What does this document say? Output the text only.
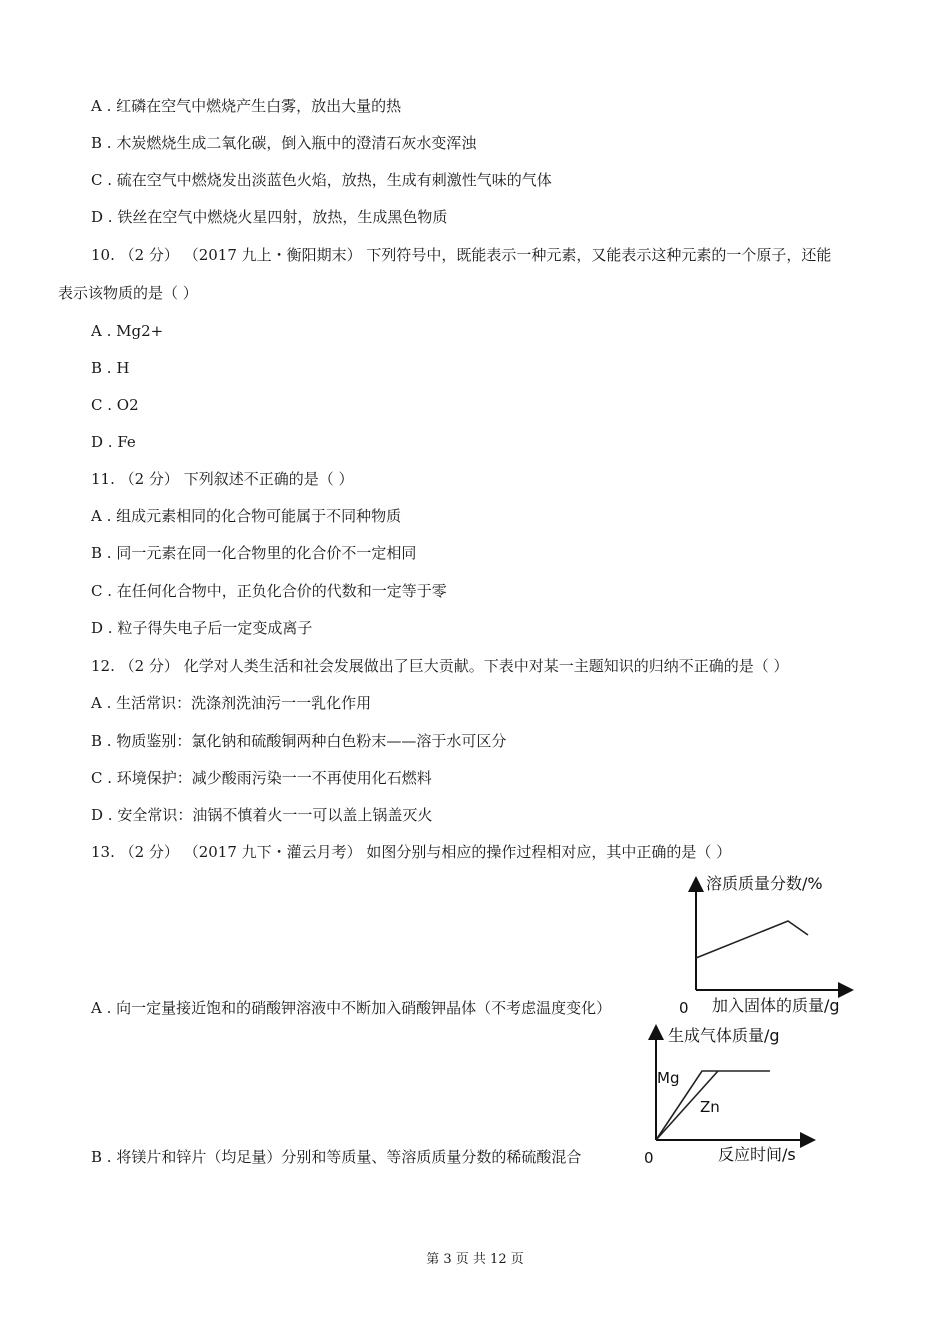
A . 红磷在空气中燃烧产生白雾，放出大量的热
B . 木炭燃烧生成二氧化碳，倒入瓶中的澄清石灰水变浑浊
C . 硫在空气中燃烧发出淡蓝色火焰，放热，生成有刺激性气味的气体
D . 铁丝在空气中燃烧火星四射，放热，生成黑色物质
10. （2 分） （2017 九上・衡阳期末） 下列符号中，既能表示一种元素，又能表示这种元素的一个原子，还能
表示该物质的是（ ）
A . Mg2+
B . H
C . O2
D . Fe
11. （2 分） 下列叙述不正确的是（ ）
A . 组成元素相同的化合物可能属于不同种物质
B . 同一元素在同一化合物里的化合价不一定相同
C . 在任何化合物中，正负化合价的代数和一定等于零
D . 粒子得失电子后一定变成离子
12. （2 分） 化学对人类生活和社会发展做出了巨大贡献。下表中对某一主题知识的归纳不正确的是（ ）
A . 生活常识：洗涤剂洗油污一一乳化作用
B . 物质鉴别：氯化钠和硫酸铜两种白色粉末——溶于水可区分
C . 环境保护：减少酸雨污染一一不再使用化石燃料
D . 安全常识：油锅不慎着火一一可以盖上锅盖灭火
13. （2 分） （2017 九下・灌云月考） 如图分别与相应的操作过程相对应，其中正确的是（ ）
A . 向一定量接近饱和的硝酸钾溶液中不断加入硝酸钾晶体（不考虑温度变化）
B . 将镁片和锌片（均足量）分别和等质量、等溶质质量分数的稀硫酸混合
溶质质量分数/%
0 加入固体的质量/g
生成气体质量/g
Mg
Zn
0	反应时间/s
第 3 页 共 12 页
